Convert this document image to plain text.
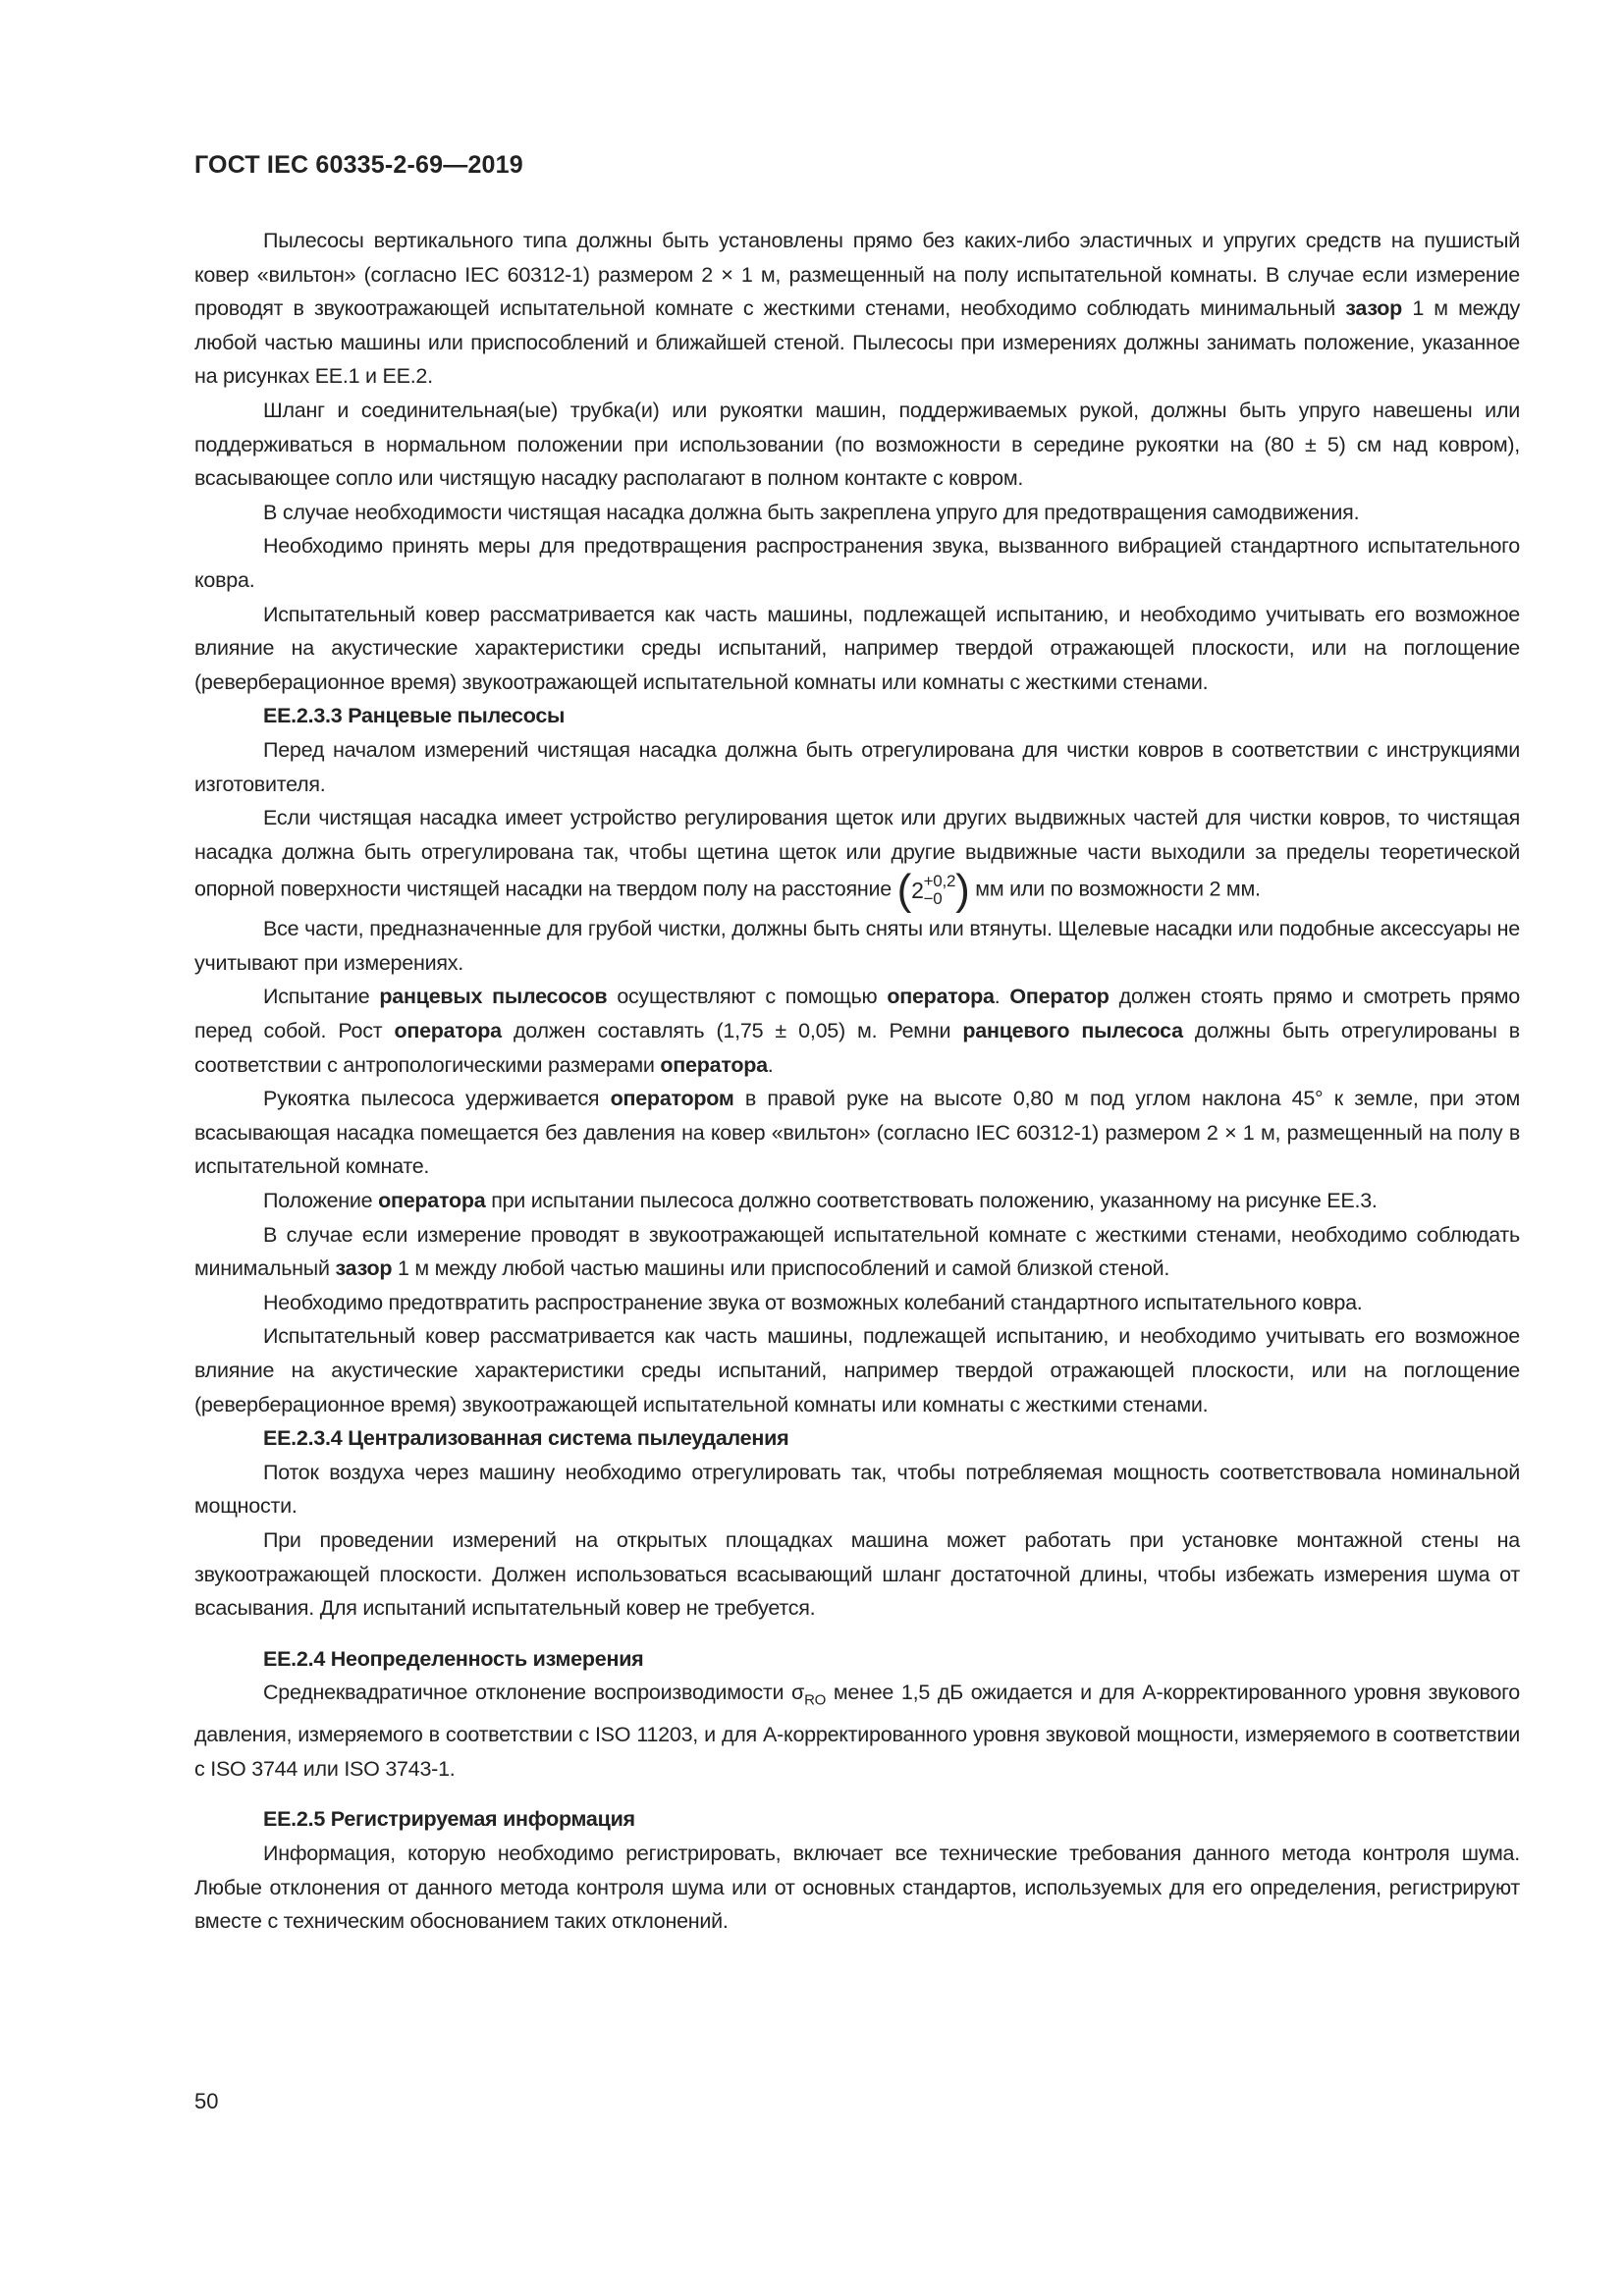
ГОСТ IEC 60335-2-69—2019

Пылесосы вертикального типа должны быть установлены прямо без каких-либо эластичных и упругих средств на пушистый ковер «вильтон» (согласно IEC 60312-1) размером 2 × 1 м, размещенный на полу испытательной комнаты. В случае если измерение проводят в звукоотражающей испытательной комнате с жесткими стенами, необходимо соблюдать минимальный зазор 1 м между любой частью машины или приспособлений и ближайшей стеной. Пылесосы при измерениях должны занимать положение, указанное на рисунках ЕЕ.1 и ЕЕ.2.

Шланг и соединительная(ые) трубка(и) или рукоятки машин, поддерживаемых рукой, должны быть упруго навешены или поддерживаться в нормальном положении при использовании (по возможности в середине рукоятки на (80 ± 5) см над ковром), всасывающее сопло или чистящую насадку располагают в полном контакте с ковром.

В случае необходимости чистящая насадка должна быть закреплена упруго для предотвращения самодвижения.

Необходимо принять меры для предотвращения распространения звука, вызванного вибрацией стандартного испытательного ковра.

Испытательный ковер рассматривается как часть машины, подлежащей испытанию, и необходимо учитывать его возможное влияние на акустические характеристики среды испытаний, например твердой отражающей плоскости, или на поглощение (реверберационное время) звукоотражающей испытательной комнаты или комнаты с жесткими стенами.

ЕЕ.2.3.3 Ранцевые пылесосы

Перед началом измерений чистящая насадка должна быть отрегулирована для чистки ковров в соответствии с инструкциями изготовителя.

Если чистящая насадка имеет устройство регулирования щеток или других выдвижных частей для чистки ковров, то чистящая насадка должна быть отрегулирована так, чтобы щетина щеток или другие выдвижные части выходили за пределы теоретической опорной поверхности чистящей насадки на твердом полу на расстояние (2 +0,2
−0 ) мм или по возможности 2 мм.

Все части, предназначенные для грубой чистки, должны быть сняты или втянуты. Щелевые насадки или подобные аксессуары не учитывают при измерениях.

Испытание ранцевых пылесосов осуществляют с помощью оператора. Оператор должен стоять прямо и смотреть прямо перед собой. Рост оператора должен составлять (1,75 ± 0,05) м. Ремни ранцевого пылесоса должны быть отрегулированы в соответствии с антропологическими размерами оператора.

Рукоятка пылесоса удерживается оператором в правой руке на высоте 0,80 м под углом наклона 45° к земле, при этом всасывающая насадка помещается без давления на ковер «вильтон» (согласно IEC 60312-1) размером 2 × 1 м, размещенный на полу в испытательной комнате.

Положение оператора при испытании пылесоса должно соответствовать положению, указанному на рисунке ЕЕ.3.

В случае если измерение проводят в звукоотражающей испытательной комнате с жесткими стенами, необходимо соблюдать минимальный зазор 1 м между любой частью машины или приспособлений и самой близкой стеной.

Необходимо предотвратить распространение звука от возможных колебаний стандартного испытательного ковра.

Испытательный ковер рассматривается как часть машины, подлежащей испытанию, и необходимо учитывать его возможное влияние на акустические характеристики среды испытаний, например твердой отражающей плоскости, или на поглощение (реверберационное время) звукоотражающей испытательной комнаты или комнаты с жесткими стенами.

ЕЕ.2.3.4 Централизованная система пылеудаления

Поток воздуха через машину необходимо отрегулировать так, чтобы потребляемая мощность соответствовала номинальной мощности.

При проведении измерений на открытых площадках машина может работать при установке монтажной стены на звукоотражающей плоскости. Должен использоваться всасывающий шланг достаточной длины, чтобы избежать измерения шума от всасывания. Для испытаний испытательный ковер не требуется.

ЕЕ.2.4 Неопределенность измерения

Среднеквадратичное отклонение воспроизводимости $\sigma_{RO}$ менее 1,5 дБ ожидается и для А-корректированного уровня звукового давления, измеряемого в соответствии с ISO 11203, и для А-корректированного уровня звуковой мощности, измеряемого в соответствии с ISO 3744 или ISO 3743-1.

ЕЕ.2.5 Регистрируемая информация

Информация, которую необходимо регистрировать, включает все технические требования данного метода контроля шума. Любые отклонения от данного метода контроля шума или от основных стандартов, используемых для его определения, регистрируют вместе с техническим обоснованием таких отклонений.

50
